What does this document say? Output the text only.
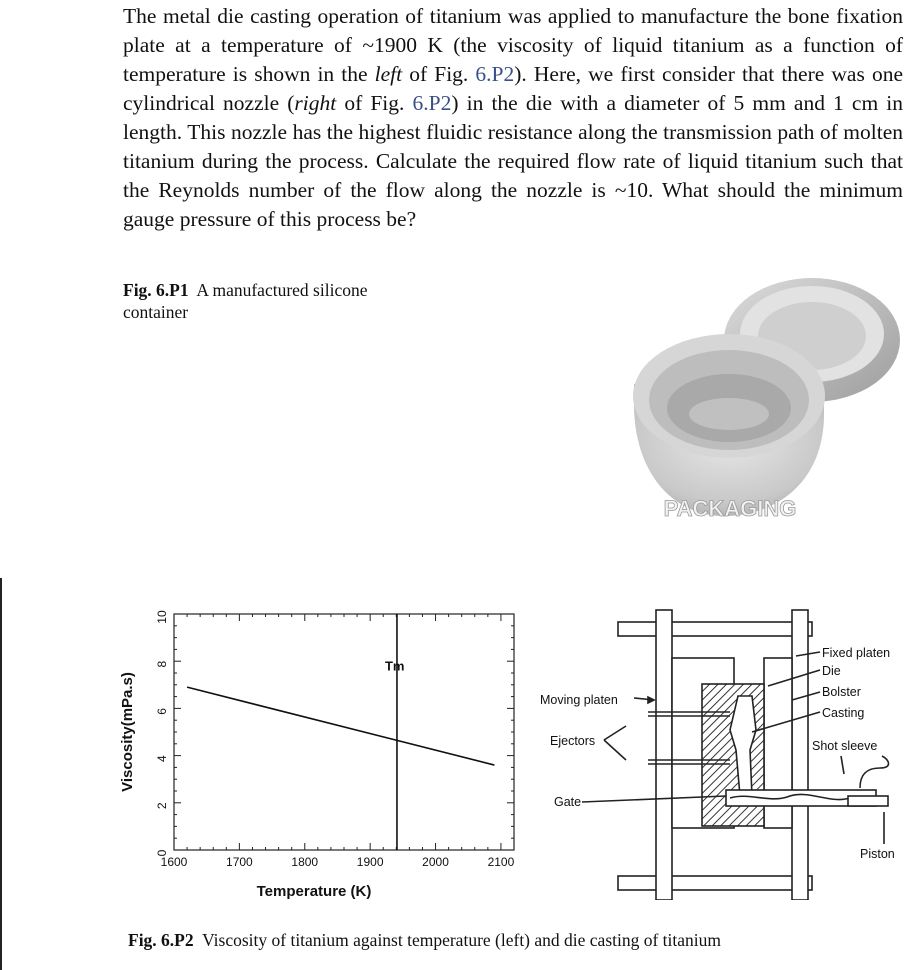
The metal die casting operation of titanium was applied to manufacture the bone fixation plate at a temperature of ~1900 K (the viscosity of liquid titanium as a function of temperature is shown in the left of Fig. 6.P2). Here, we first consider that there was one cylindrical nozzle (right of Fig. 6.P2) in the die with a diameter of 5 mm and 1 cm in length. This nozzle has the highest fluidic resistance along the transmission path of molten titanium during the process. Calculate the required flow rate of liquid titanium such that the Reynolds number of the flow along the nozzle is ~10. What should the minimum gauge pressure of this process be?

Fig. 6.P1 A manufactured silicone container
PACKAGING
1600	1700	1800	1900	2000	2100
0
2
4
6
8
10
Temperature (K)
Viscosity(mPa.s)
Tm
Moving platen
Ejectors
Gate
Fixed platen
Die
Bolster
Casting
Shot sleeve
Piston
Fig. 6.P2 Viscosity of titanium against temperature (left) and die casting of titanium
